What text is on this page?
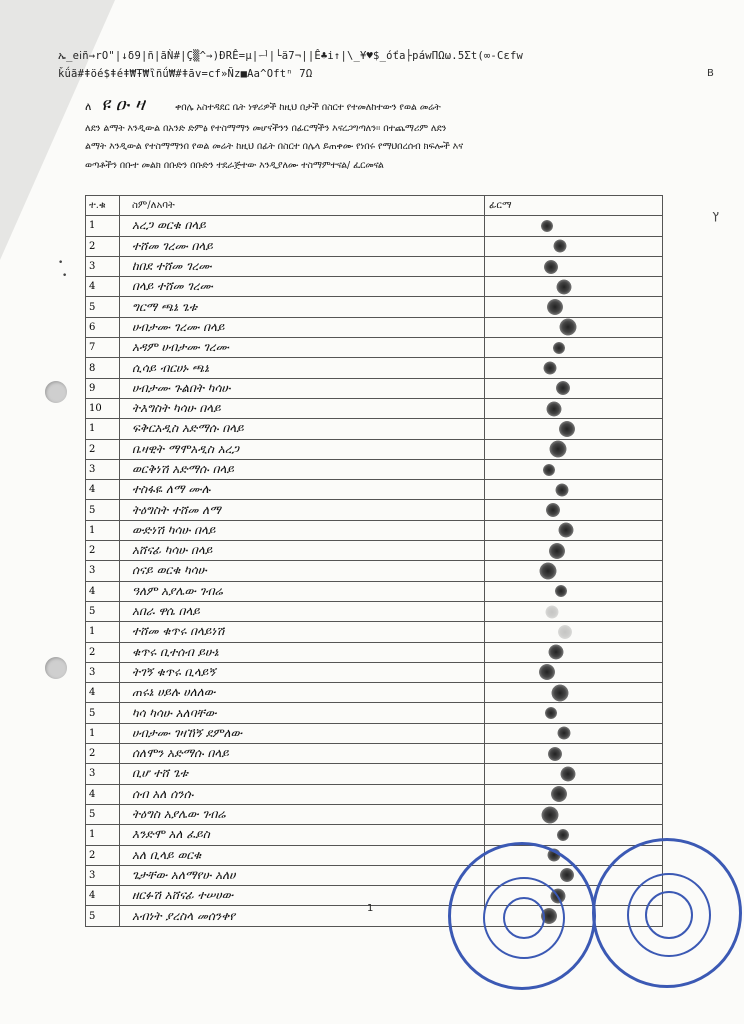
ኤ_eⅰñ→rO"|↓δ9|ñ|ãǸ#|Ç▒^→)ÐRÊ=μ|ᅴ|└ä7¬||Ê♣i↑|\_¥♥$_óťa├páwΠΩω.5Σt(∞-Cεfw
ǩǘã#ǂöé$ǂéǂ₩Ŧ₩ἲñǘ₩#ǂāv=cf»Ñz■Aa^Oftⁿ 7Ω	B
ለ ዩ ዑ ዛ	ቀበሌ አስተዳደር ቤት ነዋሪዎች ከዚህ በታች በስርተ የተመለከተውን የወል መሬት
ለደን ልማት እንዲውል በአንድ ድምፅ የተስማማን መሆናችንን በፊርማችን እናረጋግጣለን። በተጨማሪም ለደን
ልማት እንዲውል የተስማማንበ የወል መሬት ከዚህ በፊት በስርተ በሌላ ይጠቀሙ የነበሩ የማህበረሰብ ክፍሎች እና
ወጣቶችን በቡተ መልክ በቡድን በቡድን ተደራጅተው እንዲያለሙ ተስማምተናል/ ፈርመናል
ተ.ቁ	ስም/ለአባት	ፊርማ
1	አረጋ ወርቁ በላይ	

2	ተሸመ ገረሙ በላይ	

3	ከበደ ተሸመ ገረሙ	

4	በላይ ተሸመ ገረሙ	

5	ግርማ ጫኔ ጌቱ	

6	ሀብታሙ ገረሙ በላይ	

7	አዳም ሀብታሙ ገረሙ	

8	ሲሳይ ብርሀኑ ጫኔ	

9	ሀብታሙ ጉልበት ካሳሁ	

10	ትእግስት ካሳሁ በላይ	

1	ፍቅርአዲስ አድማሱ በላይ	

2	ቤዛዊት ማሞአዲስ አረጋ	

3	ወርቅነሽ አድማሱ በላይ	

4	ተስፋዬ ለማ ሙሉ	

5	ትዕግስት ተሸመ ለማ	

1	ውድነሽ ካሳሁ በላይ	

2	አሸናፊ ካሳሁ በላይ	

3	ሰናይ ወርቁ ካሳሁ	

4	ዓለም አያሌው ገብሬ	

5	አበራ ዋሴ በላይ	

1	ተሸመ ቁጥሩ በላይነሽ	

2	ቁጥሩ ቢተሰብ ይሁኔ	

3	ትገኝ ቁጥሩ ቢላይኝ	

4	ጠሩኔ ሀይሉ ሀለለው	

5	ካሳ ካሳሁ አለባቸው	

1	ሀብታሙ ገዛኸኝ ደምለው	

2	ሰለሞን አድማሱ በላይ	

3	ቢሆ ተሸ ጌቱ	

4	ሰብ አለ ሰንሱ	

5	ትዕግስ አያሌው ገብሬ	

1	እንድሞ አለ ፈይስ	

2	አለ ቢላይ ወርቁ	

3	ጌታቸው አለማየሁ አለሀ	

4	ዘርፉሽ አሸናፊ ተሠሀው	

5	አብነት ያረስላ መሰንቀየ	
1
ץ
•
•
